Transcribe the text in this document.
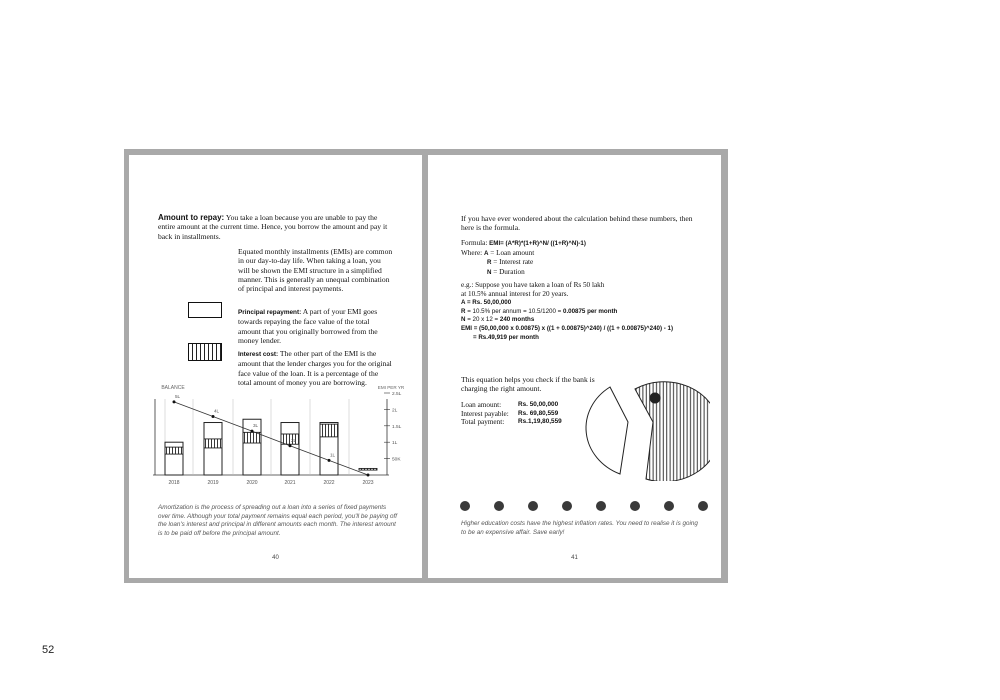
52
Amount to repay: You take a loan because you are unable to pay the entire amount at the current time. Hence, you borrow the amount and pay it back in installments.
Equated monthly installments (EMIs) are common in our day-to-day life. When taking a loan, you will be shown the EMI structure in a simplified manner. This is generally an unequal combination of principal and interest payments.
Principal repayment: A part of your EMI goes towards repaying the face value of the total amount that you originally borrowed from the money lender.
Interest cost: The other part of the EMI is the amount that the lender charges you for the original face value of the loan. It is a percentage of the total amount of money you are borrowing.
BALANCE	EMI PER YR
2.5L
2L
1.5L
1L
50K
2018	2019	2020	2021	2022	2023
5L
4L
3L
2L
1L
Amortization is the process of spreading out a loan into a series of fixed payments over time. Although your total payment remains equal each period, you'll be paying off the loan's interest and principal in different amounts each month. The interest amount is to be paid off before the principal amount.
40
If you have ever wondered about the calculation behind these numbers, then here is the formula.
Formula: EMI= (A*R)*(1+R)^N/ ((1+R)^N)-1)
Where: A = Loan amount
R = Interest rate
N = Duration
e.g.: Suppose you have taken a loan of Rs 50 lakh at 10.5% annual interest for 20 years.
A = Rs. 50,00,000
R = 10.5% per annum = 10.5/1200 = 0.00875 per month
N = 20 x 12 = 240 months
EMI = (50,00,000 x 0.00875) x ((1 + 0.00875)^240) / ((1 + 0.00875)^240) - 1)
= Rs.49,919 per month
This equation helps you check if the bank is charging the right amount.
Loan amount:	Rs. 50,00,000
Interest payable:	Rs. 69,80,559
Total payment:	Rs.1,19,80,559
Higher education costs have the highest inflation rates. You need to realise it is going to be an expensive affair. Save early!
41
